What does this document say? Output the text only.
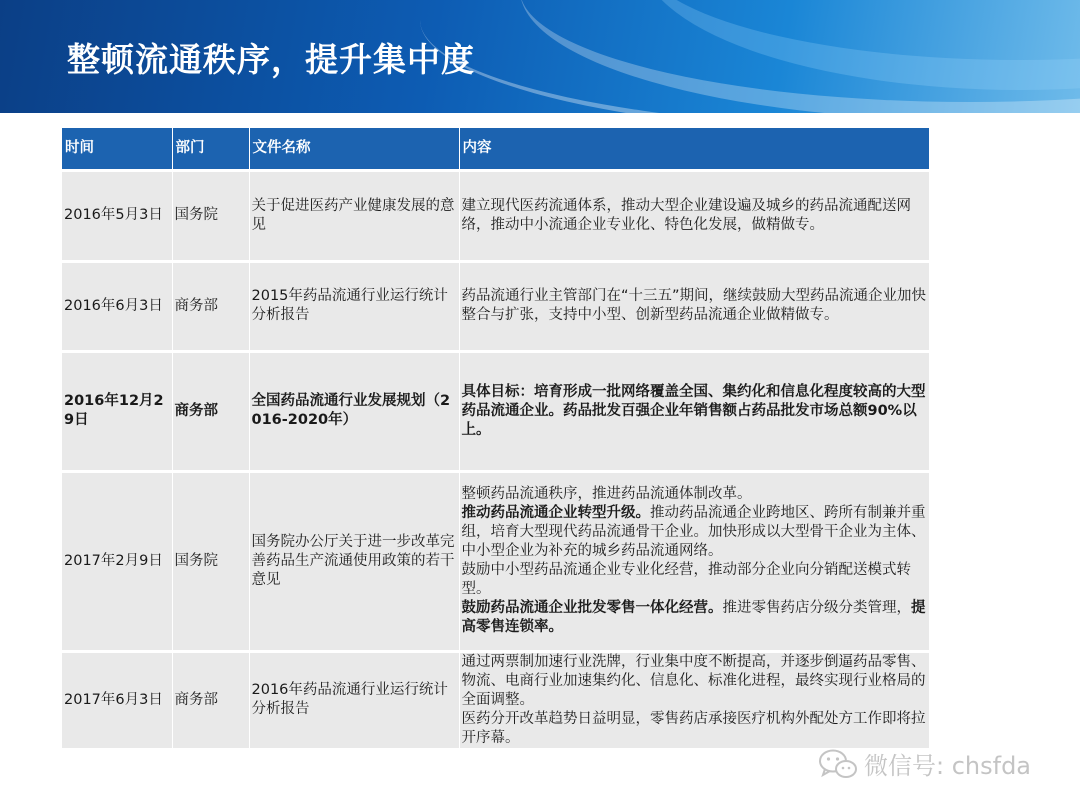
整顿流通秩序，提升集中度
时间	部门	文件名称	内容
2016年5月3日	国务院	关于促进医药产业健康发展的意见	建立现代医药流通体系，推动大型企业建设遍及城乡的药品流通配送网络，推动中小流通企业专业化、特色化发展，做精做专。
2016年6月3日	商务部	2015年药品流通行业运行统计分析报告	药品流通行业主管部门在“十三五”期间，继续鼓励大型药品流通企业加快整合与扩张，支持中小型、创新型药品流通企业做精做专。
2016年12月29日	商务部	全国药品流通行业发展规划（2016-2020年）	具体目标：培育形成一批网络覆盖全国、集约化和信息化程度较高的大型药品流通企业。药品批发百强企业年销售额占药品批发市场总额90%以上。
2017年2月9日	国务院	国务院办公厅关于进一步改革完善药品生产流通使用政策的若干意见	整顿药品流通秩序，推进药品流通体制改革。
推动药品流通企业转型升级。推动药品流通企业跨地区、跨所有制兼并重组，培育大型现代药品流通骨干企业。加快形成以大型骨干企业为主体、中小型企业为补充的城乡药品流通网络。
鼓励中小型药品流通企业专业化经营，推动部分企业向分销配送模式转型。
鼓励药品流通企业批发零售一体化经营。推进零售药店分级分类管理，提高零售连锁率。
2017年6月3日	商务部	2016年药品流通行业运行统计分析报告	通过两票制加速行业洗牌，行业集中度不断提高，并逐步倒逼药品零售、物流、电商行业加速集约化、信息化、标准化进程，最终实现行业格局的全面调整。
医药分开改革趋势日益明显，零售药店承接医疗机构外配处方工作即将拉开序幕。
微信号: chsfda
